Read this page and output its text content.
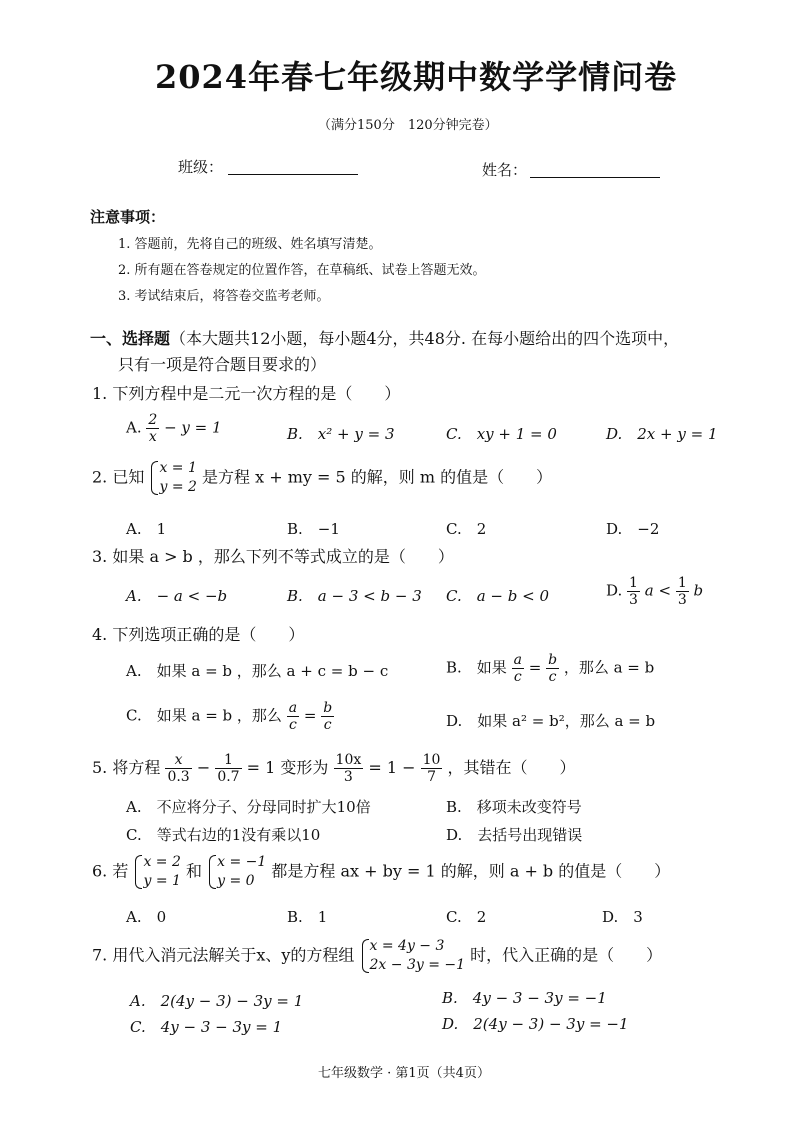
2024年春七年级期中数学学情问卷
（满分150分　120分钟完卷）
班级：	姓名：
注意事项：
1. 答题前，先将自己的班级、姓名填写清楚。
2. 所有题在答卷规定的位置作答，在草稿纸、试卷上答题无效。
3. 考试结束后，将答卷交监考老师。
一、选择题（本大题共12小题，每小题4分，共48分. 在每小题给出的四个选项中，
只有一项是符合题目要求的）
1. 下列方程中是二元一次方程的是（　　）
A. $\frac{2}{x} - y = 1$	B.　x² + y = 3	C.　xy + 1 = 0	D.　2x + y = 1
2. 已知 x = 1
y = 2
是方程 x + my = 5 的解，则 m 的值是（　　）
A.　1	B.　−1	C.　2	D.　−2
3. 如果 a > b ，那么下列不等式成立的是（　　）
A.　− a < −b	B.　a − 3 < b − 3 C.　a − b < 0	D. $\frac{1}{3}$ $a < \frac{1}{3}$ b
4. 下列选项正确的是（　　）
A.　如果 a = b ，那么 a + c = b − c	B.　如果 $\frac{a}{c} = \frac{b}{c}$ ，那么 a = b
C.　如果 a = b ，那么 $\frac{a}{c} = \frac{b}{c}$	D.　如果 a² = b²，那么 a = b
5. 将方程 $\frac{x}{0.3} - \frac{1}{0.7} = 1$ 变形为 $\frac{10x}{3} = 1 - \frac{10}{7}$ ，其错在（　　）
A.　不应将分子、分母同时扩大10倍	B.　移项未改变符号
C.　等式右边的1没有乘以10	D.　去括号出现错误
6. 若 x = 2
y = 1
和 x = −1
y = 0
都是方程 ax + by = 1 的解，则 a + b 的值是（　　）
A.　0	B.　1	C.　2	D.　3
7. 用代入消元法解关于x、y的方程组 x = 4y − 3
2x − 3y = −1
时，代入正确的是（　　）
A.　2(4y − 3) − 3y = 1	B.　4y − 3 − 3y = −1
C.　4y − 3 − 3y = 1	D.　2(4y − 3) − 3y = −1
七年级数学 · 第1页（共4页）
